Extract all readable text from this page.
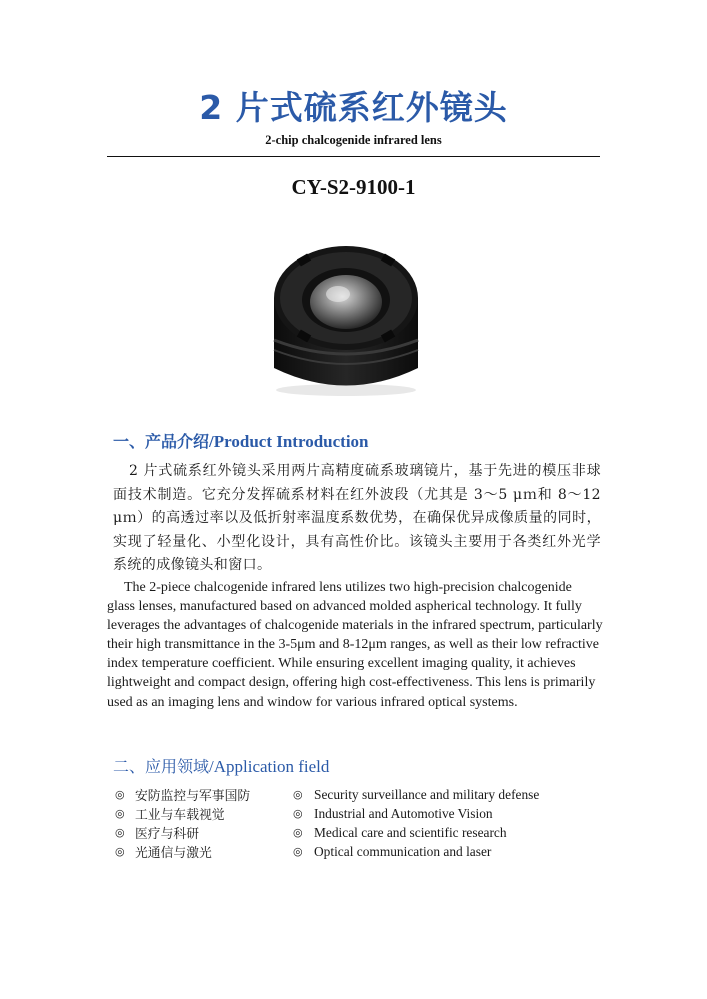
2 片式硫系红外镜头
2-chip chalcogenide infrared lens
CY-S2-9100-1
一、产品介绍/Product Introduction

2 片式硫系红外镜头采用两片高精度硫系玻璃镜片，基于先进的模压非球面技术制造。它充分发挥硫系材料在红外波段（尤其是 3～5 μｍ和 8～12 μｍ）的高透过率以及低折射率温度系数优势，在确保优异成像质量的同时，实现了轻量化、小型化设计，具有高性价比。该镜头主要用于各类红外光学系统的成像镜头和窗口。

The 2-piece chalcogenide infrared lens utilizes two high-precision chalcogenide glass lenses, manufactured based on advanced molded aspherical technology. It fully leverages the advantages of chalcogenide materials in the infrared spectrum, particularly their high transmittance in the 3-5μm and 8-12μm ranges, as well as their low refractive index temperature coefficient. While ensuring excellent imaging quality, it achieves lightweight and compact design, offering high cost-effectiveness. This lens is primarily used as an imaging lens and window for various infrared optical systems.

二、应用领域/Application field
◎ 安防监控与军事国防	◎ Security surveillance and military defense
◎ 工业与车载视觉	◎ Industrial and Automotive Vision
◎ 医疗与科研	◎ Medical care and scientific research
◎ 光通信与激光	◎ Optical communication and laser
